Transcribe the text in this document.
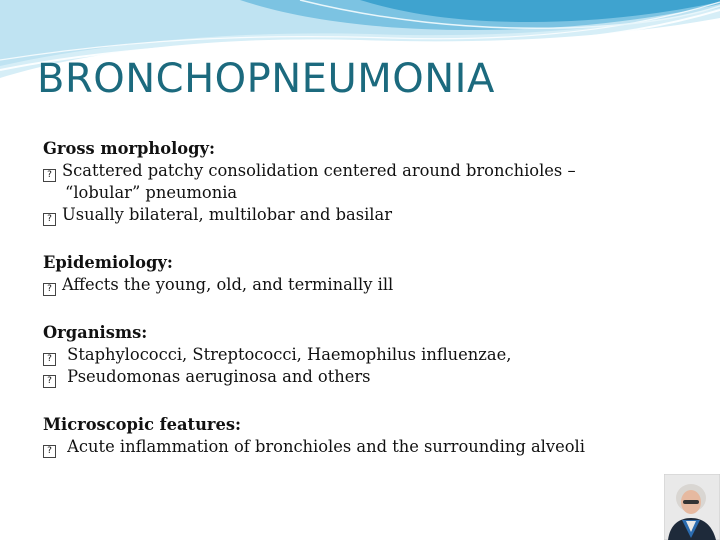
BRONCHOPNEUMONIA
Gross morphology:
? Scattered patchy consolidation centered around bronchioles –
“lobular” pneumonia
? Usually bilateral, multilobar and basilar
Epidemiology:
? Affects the young, old, and terminally ill
Organisms:
? Staphylococci, Streptococci, Haemophilus influenzae,
? Pseudomonas aeruginosa and others
Microscopic features:
? Acute inflammation of bronchioles and the surrounding alveoli
